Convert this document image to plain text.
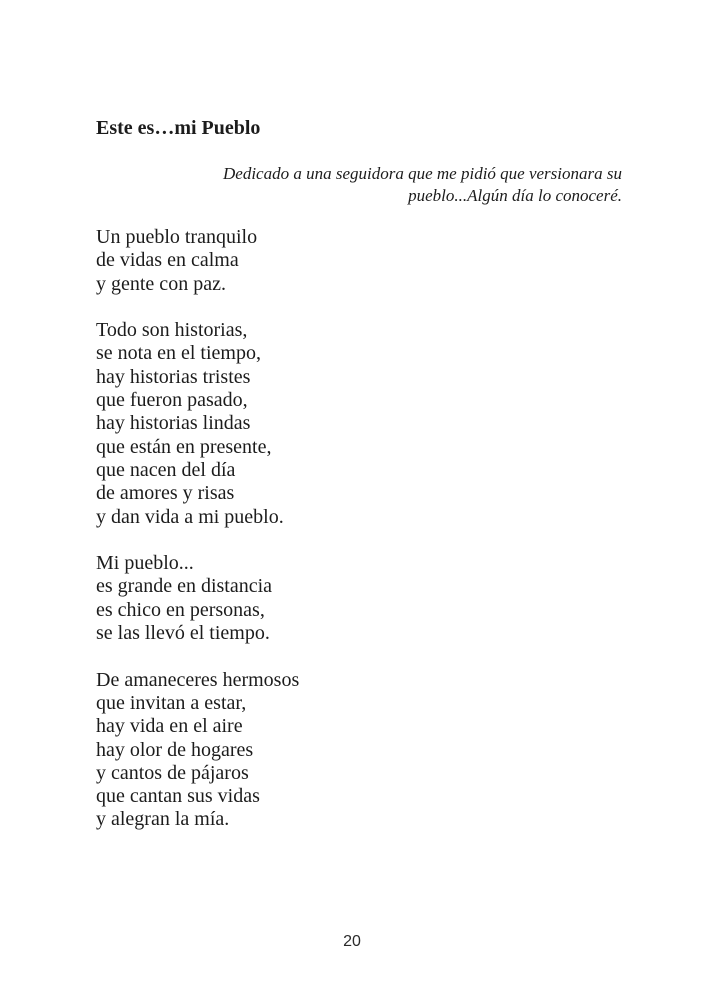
Este es…mi Pueblo
Dedicado a una seguidora que me pidió que versionara su
pueblo...Algún día lo conoceré.
Un pueblo tranquilo
de vidas en calma
y gente con paz.
Todo son historias,
se nota en el tiempo,
hay historias tristes
que fueron pasado,
hay historias lindas
que están en presente,
que nacen del día
de amores y risas
y dan vida a mi pueblo.
Mi pueblo...
es grande en distancia
es chico en personas,
se las llevó el tiempo.
De amaneceres hermosos
que invitan a estar,
hay vida en el aire
hay olor de hogares
y cantos de pájaros
que cantan sus vidas
y alegran la mía.
20
